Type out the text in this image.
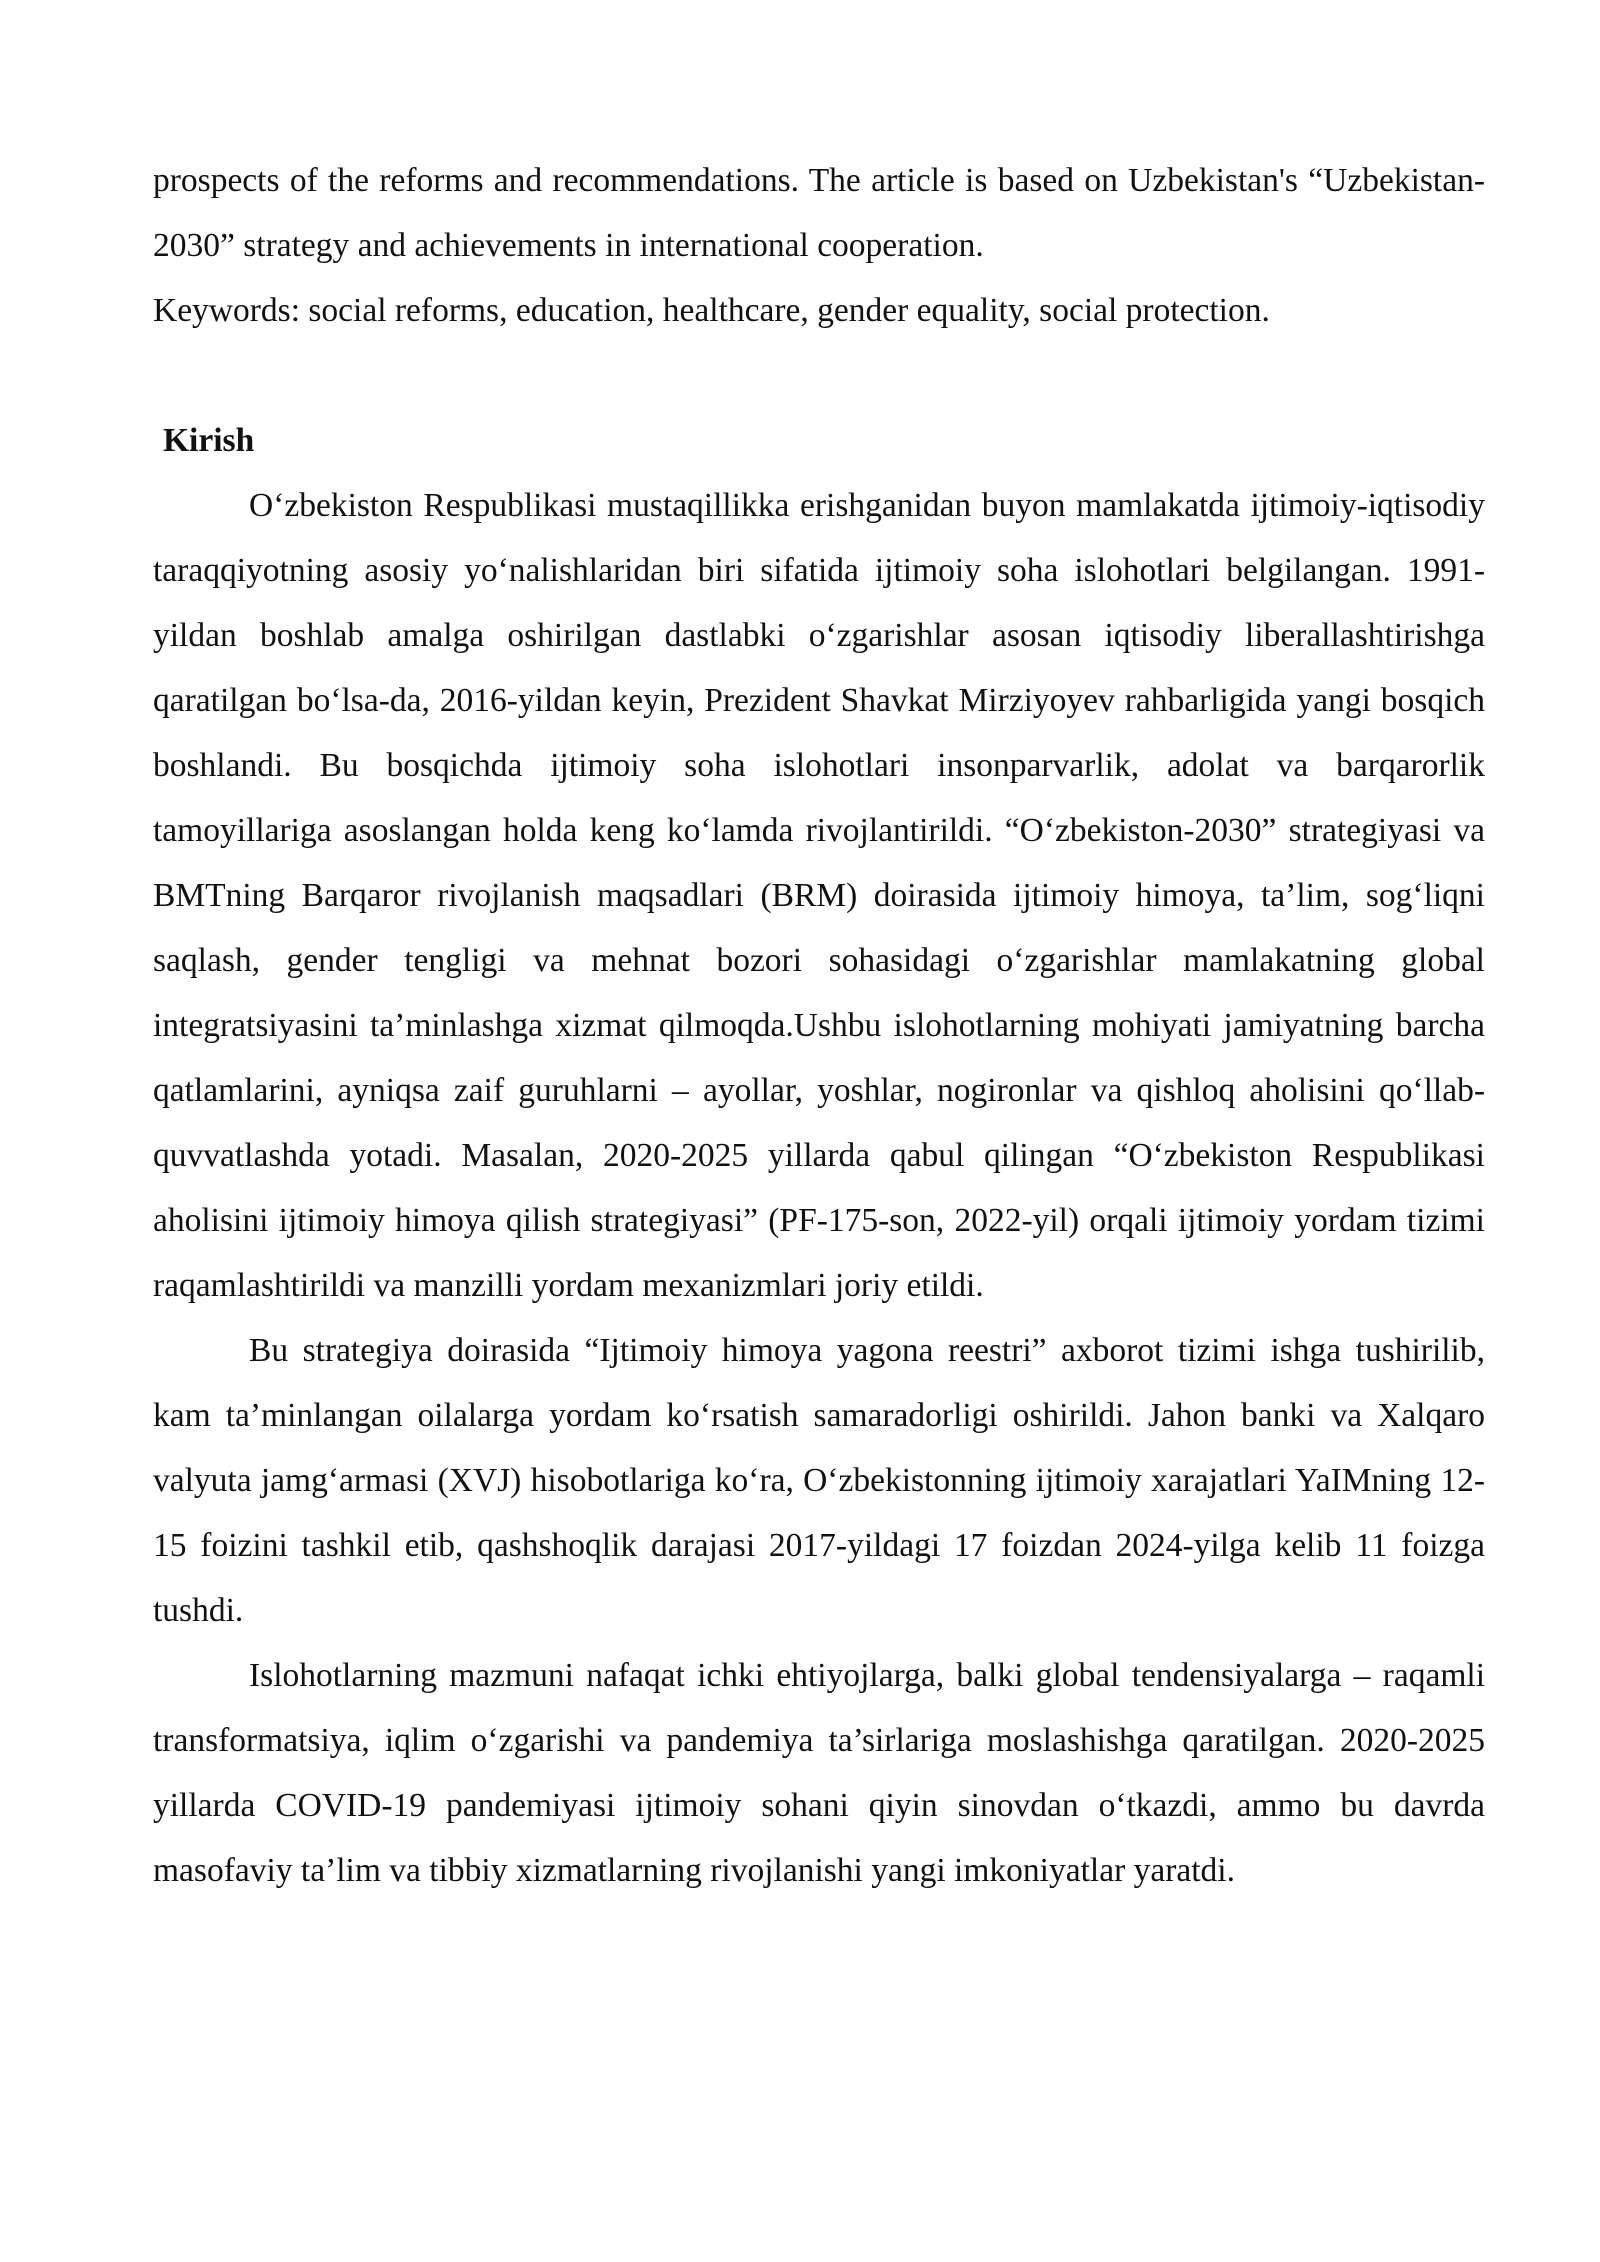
prospects of the reforms and recommendations. The article is based on Uzbekistan's “Uzbekistan-2030” strategy and achievements in international cooperation.

Keywords: social reforms, education, healthcare, gender equality, social protection.

Kirish

O‘zbekiston Respublikasi mustaqillikka erishganidan buyon mamlakatda ijtimoiy-iqtisodiy taraqqiyotning asosiy yo‘nalishlaridan biri sifatida ijtimoiy soha islohotlari belgilangan. 1991-yildan boshlab amalga oshirilgan dastlabki o‘zgarishlar asosan iqtisodiy liberallashtirishga qaratilgan bo‘lsa-da, 2016-yildan keyin, Prezident Shavkat Mirziyoyev rahbarligida yangi bosqich boshlandi. Bu bosqichda ijtimoiy soha islohotlari insonparvarlik, adolat va barqarorlik tamoyillariga asoslangan holda keng ko‘lamda rivojlantirildi. “O‘zbekiston-2030” strategiyasi va BMTning Barqaror rivojlanish maqsadlari (BRM) doirasida ijtimoiy himoya, ta’lim, sog‘liqni saqlash, gender tengligi va mehnat bozori sohasidagi o‘zgarishlar mamlakatning global integratsiyasini ta’minlashga xizmat qilmoqda.Ushbu islohotlarning mohiyati jamiyatning barcha qatlamlarini, ayniqsa zaif guruhlarni – ayollar, yoshlar, nogironlar va qishloq aholisini qo‘llab-quvvatlashda yotadi. Masalan, 2020-2025 yillarda qabul qilingan “O‘zbekiston Respublikasi aholisini ijtimoiy himoya qilish strategiyasi” (PF-175-son, 2022-yil) orqali ijtimoiy yordam tizimi raqamlashtirildi va manzilli yordam mexanizmlari joriy etildi.

Bu strategiya doirasida “Ijtimoiy himoya yagona reestri” axborot tizimi ishga tushirilib, kam ta’minlangan oilalarga yordam ko‘rsatish samaradorligi oshirildi. Jahon banki va Xalqaro valyuta jamg‘armasi (XVJ) hisobotlariga ko‘ra, O‘zbekistonning ijtimoiy xarajatlari YaIMning 12-15 foizini tashkil etib, qashshoqlik darajasi 2017-yildagi 17 foizdan 2024-yilga kelib 11 foizga tushdi.

Islohotlarning mazmuni nafaqat ichki ehtiyojlarga, balki global tendensiyalarga – raqamli transformatsiya, iqlim o‘zgarishi va pandemiya ta’sirlariga moslashishga qaratilgan. 2020-2025 yillarda COVID-19 pandemiyasi ijtimoiy sohani qiyin sinovdan o‘tkazdi, ammo bu davrda masofaviy ta’lim va tibbiy xizmatlarning rivojlanishi yangi imkoniyatlar yaratdi.
